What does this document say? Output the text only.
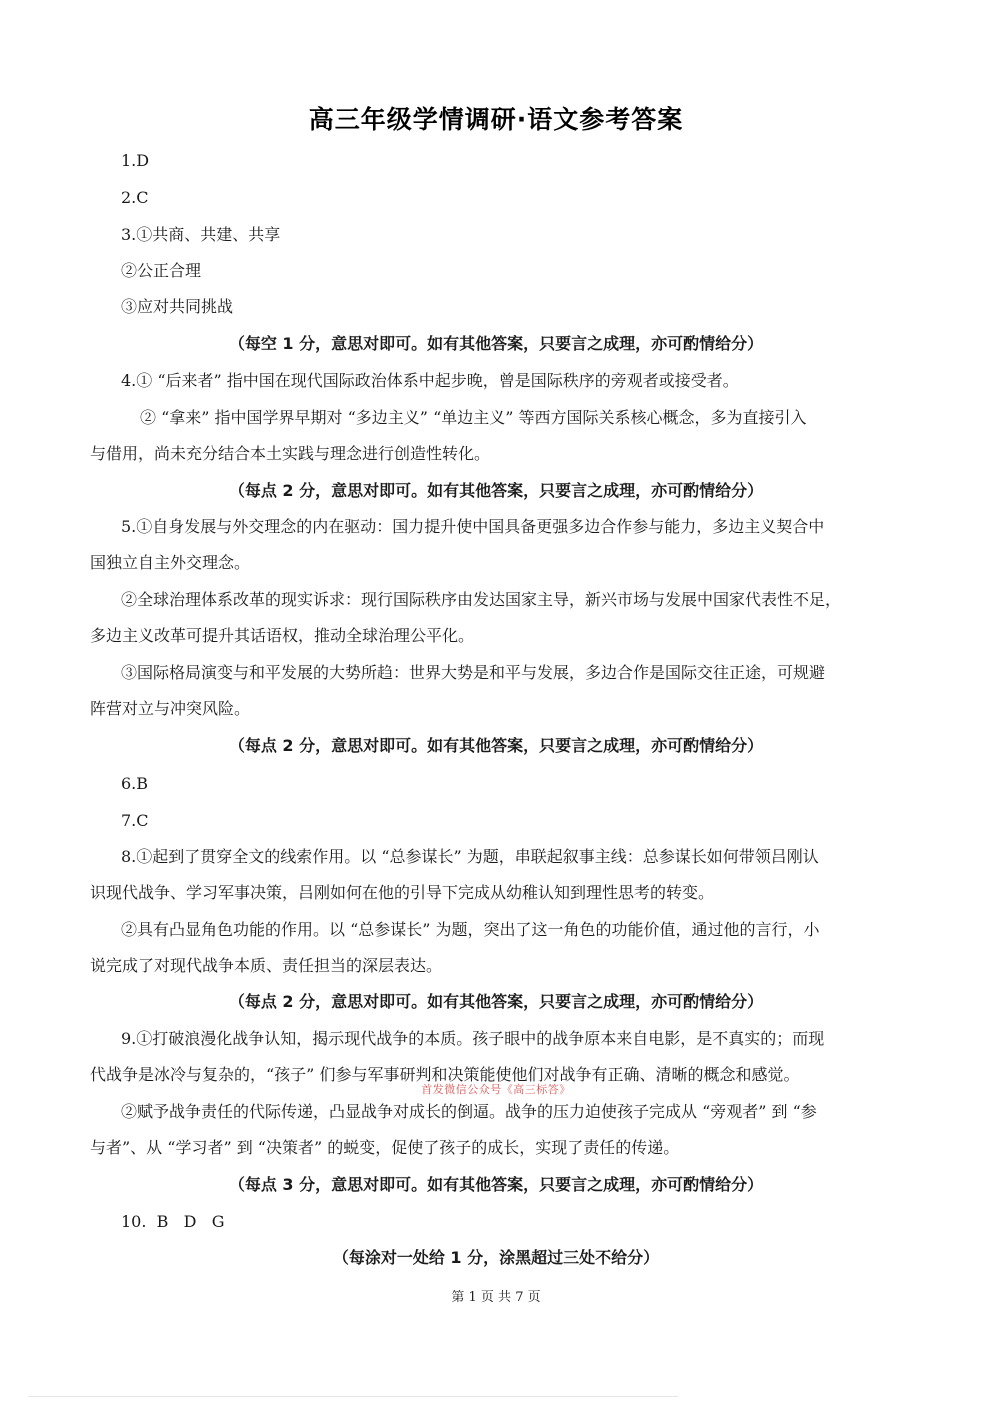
高三年级学情调研·语文参考答案
1.D
2.C
3.①共商、共建、共享
②公正合理
③应对共同挑战
（每空 1 分，意思对即可。如有其他答案，只要言之成理，亦可酌情给分）
4.① “后来者” 指中国在现代国际政治体系中起步晚，曾是国际秩序的旁观者或接受者。
② “拿来” 指中国学界早期对 “多边主义” “单边主义” 等西方国际关系核心概念，多为直接引入
与借用，尚未充分结合本土实践与理念进行创造性转化。
（每点 2 分，意思对即可。如有其他答案，只要言之成理，亦可酌情给分）
5.①自身发展与外交理念的内在驱动：国力提升使中国具备更强多边合作参与能力，多边主义契合中
国独立自主外交理念。
②全球治理体系改革的现实诉求：现行国际秩序由发达国家主导，新兴市场与发展中国家代表性不足，
多边主义改革可提升其话语权，推动全球治理公平化。
③国际格局演变与和平发展的大势所趋：世界大势是和平与发展，多边合作是国际交往正途，可规避
阵营对立与冲突风险。
（每点 2 分，意思对即可。如有其他答案，只要言之成理，亦可酌情给分）
6.B
7.C
8.①起到了贯穿全文的线索作用。以 “总参谋长” 为题，串联起叙事主线：总参谋长如何带领吕刚认
识现代战争、学习军事决策，吕刚如何在他的引导下完成从幼稚认知到理性思考的转变。
②具有凸显角色功能的作用。以 “总参谋长” 为题，突出了这一角色的功能价值，通过他的言行，小
说完成了对现代战争本质、责任担当的深层表达。
（每点 2 分，意思对即可。如有其他答案，只要言之成理，亦可酌情给分）
9.①打破浪漫化战争认知，揭示现代战争的本质。孩子眼中的战争原本来自电影，是不真实的；而现
代战争是冰冷与复杂的，“孩子” 们参与军事研判和决策能使他们对战争有正确、清晰的概念和感觉。
首发微信公众号《高三标答》
②赋予战争责任的代际传递，凸显战争对成长的倒逼。战争的压力迫使孩子完成从 “旁观者” 到 “参
与者”、从 “学习者” 到 “决策者” 的蜕变，促使了孩子的成长，实现了责任的传递。
（每点 3 分，意思对即可。如有其他答案，只要言之成理，亦可酌情给分）
10.  B   D   G
（每涂对一处给 1 分，涂黑超过三处不给分）
第 1 页 共 7 页
